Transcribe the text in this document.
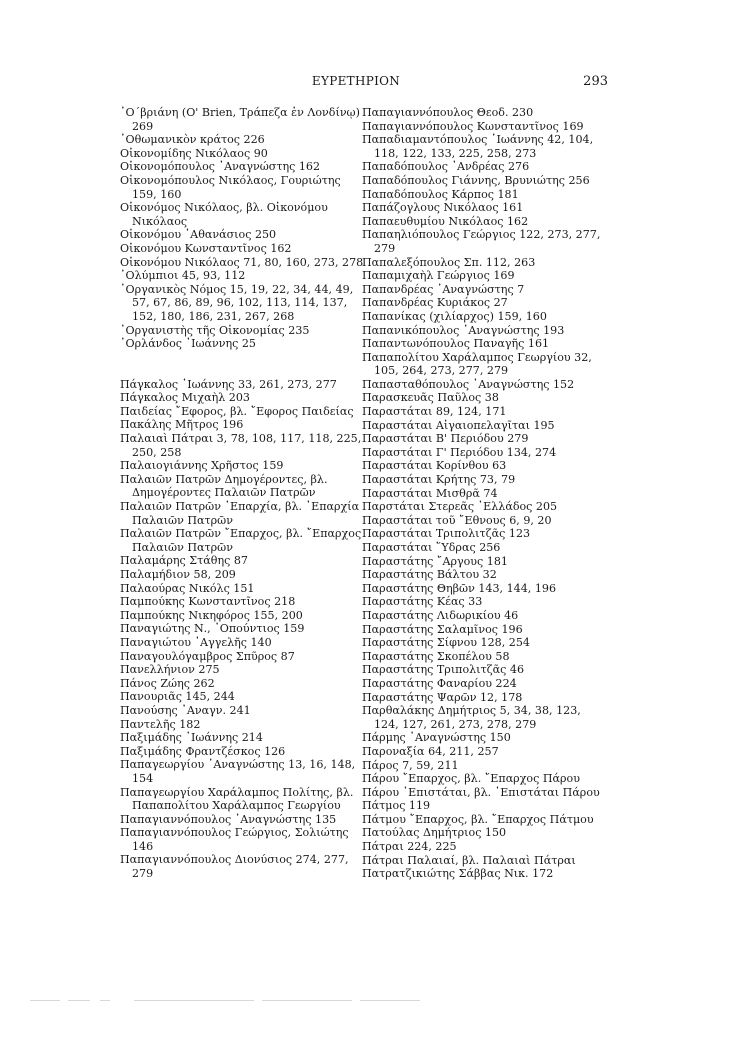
ΕΥΡΕΤΗΡΙΟΝ	293
᾿Ο΄βριάνη (O' Brien, Τράπεζα ἐν Λονδίνῳ) 269
᾿Οθωμανικὸν κράτος 226
Οἰκονομίδης Νικόλαος 90
Οἰκονομόπουλος ᾿Αναγνώστης 162
Οἰκονομόπουλος Νικόλαος, Γουριώτης 159, 160
Οἰκονόμος Νικόλαος, βλ. Οἰκονόμου Νικόλαος
Οἰκονόμου ᾿Αθανάσιος 250
Οἰκονόμου Κωνσταντῖνος 162
Οἰκονόμου Νικόλαος 71, 80, 160, 273, 278
᾿Ολύμπιοι 45, 93, 112
᾿Οργανικὸς Νόμος 15, 19, 22, 34, 44, 49, 57, 67, 86, 89, 96, 102, 113, 114, 137, 152, 180, 186, 231, 267, 268
᾿Οργανιστὴς τῆς Οἰκονομίας 235
᾿Ορλάνδος ᾿Ιωάννης 25
Πάγκαλος ᾿Ιωάννης 33, 261, 273, 277
Πάγκαλος Μιχαὴλ 203
Παιδείας ῎Εφορος, βλ. ῎Εφορος Παιδείας
Πακάλης Μῆτρος 196
Παλαιαὶ Πάτραι 3, 78, 108, 117, 118, 225, 250, 258
Παλαιογιάννης Χρῆστος 159
Παλαιῶν Πατρῶν Δημογέροντες, βλ. Δημογέροντες Παλαιῶν Πατρῶν
Παλαιῶν Πατρῶν ᾿Επαρχία, βλ. ᾿Επαρχία Παλαιῶν Πατρῶν
Παλαιῶν Πατρῶν ῎Επαρχος, βλ. ῎Επαρχος Παλαιῶν Πατρῶν
Παλαμάρης Στάθης 87
Παλαμήδιον 58, 209
Παλαούρας Νικόλς 151
Παμπούκης Κωνσταντῖνος 218
Παμπούκης Νικηφόρος 155, 200
Παναγιώτης Ν., ᾿Οπούντιος 159
Παναγιώτου ᾿Αγγελῆς 140
Παναγουλόγαμβρος Σπῦρος 87
Πανελλήνιον 275
Πάνος Ζώης 262
Πανουριᾶς 145, 244
Πανούσης ᾿Αναγν. 241
Παντελῆς 182
Παξιμάδης ᾿Ιωάννης 214
Παξιμάδης Φραντζέσκος 126
Παπαγεωργίου ᾿Αναγνώστης 13, 16, 148, 154
Παπαγεωργίου Χαράλαμπος Πολίτης, βλ. Παπαπολίτου Χαράλαμπος Γεωργίου
Παπαγιαννόπουλος ᾿Αναγνώστης 135
Παπαγιαννόπουλος Γεώργιος, Σολιώτης 146
Παπαγιαννόπουλος Διονύσιος 274, 277, 279
Παπαγιαννόπουλος Θεοδ. 230
Παπαγιαννόπουλος Κωνσταντῖνος 169
Παπαδιαμαντόπουλος ᾿Ιωάννης 42, 104, 118, 122, 133, 225, 258, 273
Παπαδόπουλος ᾿Ανδρέας 276
Παπαδόπουλος Γιάννης, Βρυνιώτης 256
Παπαδόπουλος Κάρπος 181
Παπάζογλους Νικόλαος 161
Παπαευθυμίου Νικόλαος 162
Παπαηλιόπουλος Γεώργιος 122, 273, 277, 279
Παπαλεξόπουλος Σπ. 112, 263
Παπαμιχαὴλ Γεώργιος 169
Παπανδρέας ᾿Αναγνώστης 7
Παπανδρέας Κυριάκος 27
Παπανίκας (χιλίαρχος) 159, 160
Παπανικόπουλος ᾿Αναγνώστης 193
Παπαντωνόπουλος Παναγῆς 161
Παπαπολίτου Χαράλαμπος Γεωργίου 32, 105, 264, 273, 277, 279
Παπασταθόπουλος ᾿Αναγνώστης 152
Παρασκευᾶς Παῦλος 38
Παραστάται 89, 124, 171
Παραστάται Αἰγαιοπελαγῖται 195
Παραστάται Β' Περιόδου 279
Παραστάται Γ' Περιόδου 134, 274
Παραστάται Κορίνθου 63
Παραστάται Κρήτης 73, 79
Παραστάται Μισθρᾶ 74
Παρστάται Στερεᾶς ῾Ελλάδος 205
Παραστάται τοῦ ῎Εθνους 6, 9, 20
Παραστάται Τριπολιτζᾶς 123
Παραστάται ῞Υδρας 256
Παραστάτης ῎Αργους 181
Παραστάτης Βάλτου 32
Παραστάτης Θηβῶν 143, 144, 196
Παραστάτης Κέας 33
Παραστάτης Λιδωρικίου 46
Παραστάτης Σαλαμῖνος 196
Παραστάτης Σίφνου 128, 254
Παραστάτης Σκοπέλου 58
Παραστάτης Τριπολιτζᾶς 46
Παραστάτης Φαναρίου 224
Παραστάτης Ψαρῶν 12, 178
Παρθαλάκης Δημήτριος 5, 34, 38, 123, 124, 127, 261, 273, 278, 279
Πάρμης ᾿Αναγνώστης 150
Παροναξία 64, 211, 257
Πάρος 7, 59, 211
Πάρου ῎Επαρχος, βλ. ῎Επαρχος Πάρου
Πάρου ᾿Επιστάται, βλ. ᾿Επιστάται Πάρου
Πάτμος 119
Πάτμου ῎Επαρχος, βλ. ῎Επαρχος Πάτμου
Πατούλας Δημήτριος 150
Πάτραι 224, 225
Πάτραι Παλαιαί, βλ. Παλαιαὶ Πάτραι
Πατρατζικιώτης Σάββας Νικ. 172
